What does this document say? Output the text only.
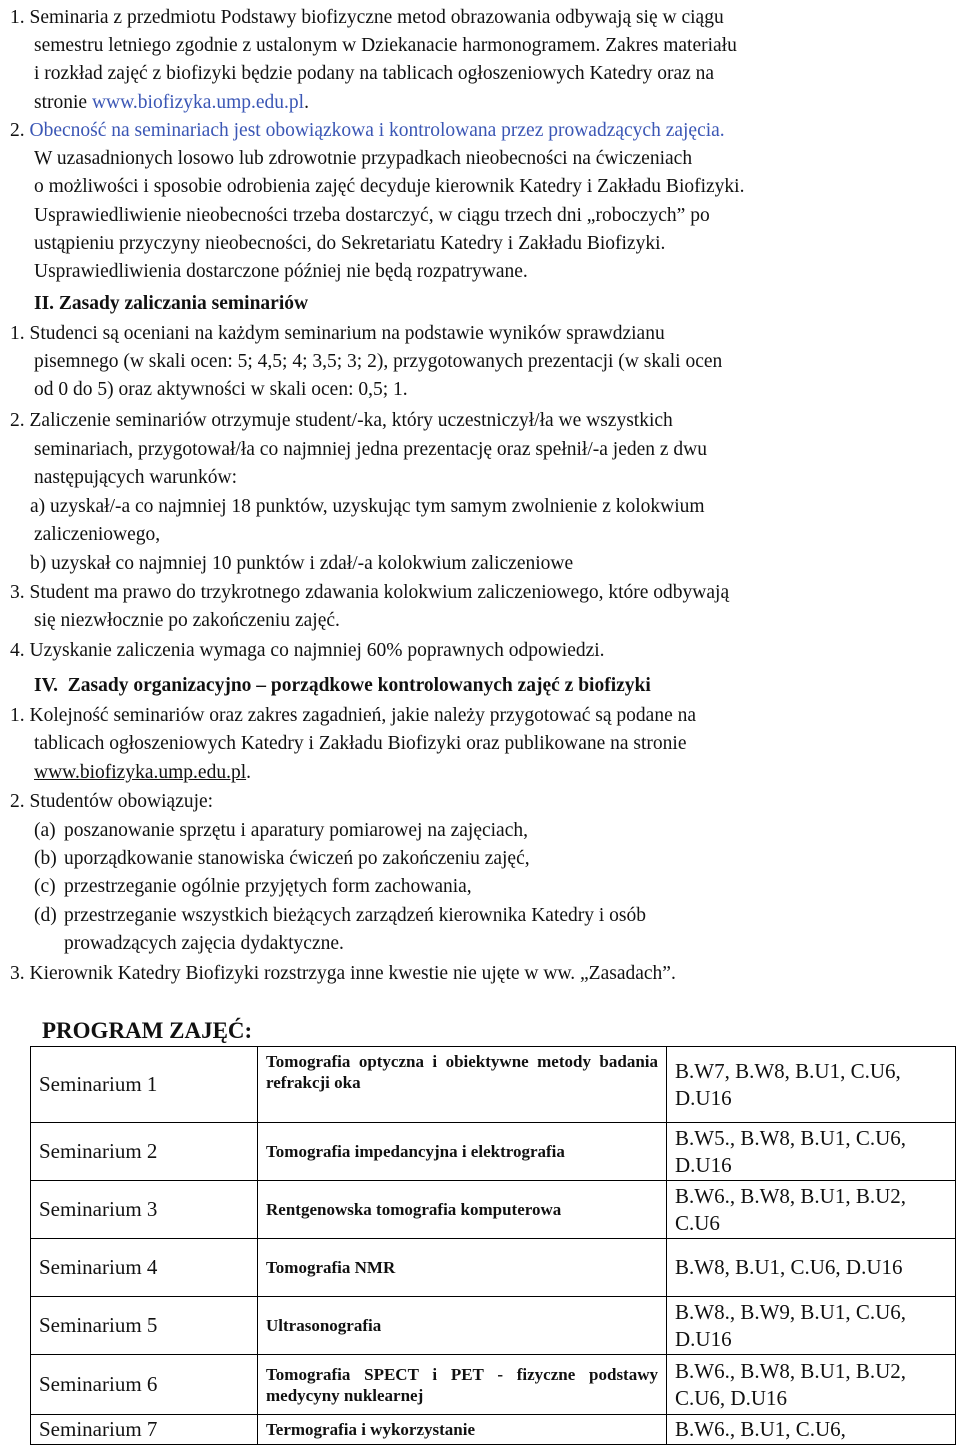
1. Seminaria z przedmiotu Podstawy biofizyczne metod obrazowania odbywają się w ciągu
semestru letniego zgodnie z ustalonym w Dziekanacie harmonogramem. Zakres materiału
i rozkład zajęć z biofizyki będzie podany na tablicach ogłoszeniowych Katedry oraz na
stronie www.biofizyka.ump.edu.pl.
2. Obecność na seminariach jest obowiązkowa i kontrolowana przez prowadzących zajęcia.
W uzasadnionych losowo lub zdrowotnie przypadkach nieobecności na ćwiczeniach
o możliwości i sposobie odrobienia zajęć decyduje kierownik Katedry i Zakładu Biofizyki.
Usprawiedliwienie nieobecności trzeba dostarczyć, w ciągu trzech dni „roboczych” po
ustąpieniu przyczyny nieobecności, do Sekretariatu Katedry i Zakładu Biofizyki.
Usprawiedliwienia dostarczone później nie będą rozpatrywane.
II. Zasady zaliczania seminariów
1. Studenci są oceniani na każdym seminarium na podstawie wyników sprawdzianu
pisemnego (w skali ocen: 5; 4,5; 4; 3,5; 3; 2), przygotowanych prezentacji (w skali ocen
od 0 do 5) oraz aktywności w skali ocen: 0,5; 1.
2. Zaliczenie seminariów otrzymuje student/-ka, który uczestniczył/ła we wszystkich
seminariach, przygotował/ła co najmniej jedna prezentację oraz spełnił/-a jeden z dwu
następujących warunków:
a) uzyskał/-a co najmniej 18 punktów, uzyskując tym samym zwolnienie z kolokwium
zaliczeniowego,
b) uzyskał co najmniej 10 punktów i zdał/-a kolokwium zaliczeniowe
3. Student ma prawo do trzykrotnego zdawania kolokwium zaliczeniowego, które odbywają
się niezwłocznie po zakończeniu zajęć.
4. Uzyskanie zaliczenia wymaga co najmniej 60% poprawnych odpowiedzi.
IV. Zasady organizacyjno – porządkowe kontrolowanych zajęć z biofizyki
1. Kolejność seminariów oraz zakres zagadnień, jakie należy przygotować są podane na
tablicach ogłoszeniowych Katedry i Zakładu Biofizyki oraz publikowane na stronie
www.biofizyka.ump.edu.pl.
2. Studentów obowiązuje:
(a) poszanowanie sprzętu i aparatury pomiarowej na zajęciach,
(b) uporządkowanie stanowiska ćwiczeń po zakończeniu zajęć,
(c) przestrzeganie ogólnie przyjętych form zachowania,
(d) przestrzeganie wszystkich bieżących zarządzeń kierownika Katedry i osób
prowadzących zajęcia dydaktyczne.
3. Kierownik Katedry Biofizyki rozstrzyga inne kwestie nie ujęte w ww. „Zasadach”.
PROGRAM ZAJĘĆ:
Seminarium 1	Tomografia optyczna i obiektywne metody badania refrakcji oka	B.W7, B.W8, B.U1, C.U6, D.U16
Seminarium 2	Tomografia impedancyjna i elektrografia	B.W5., B.W8, B.U1, C.U6, D.U16
Seminarium 3	Rentgenowska tomografia komputerowa	B.W6., B.W8, B.U1, B.U2, C.U6
Seminarium 4	Tomografia NMR	B.W8, B.U1, C.U6, D.U16
Seminarium 5	Ultrasonografia	B.W8., B.W9, B.U1, C.U6, D.U16
Seminarium 6	Tomografia SPECT i PET - fizyczne podstawy medycyny nuklearnej	B.W6., B.W8, B.U1, B.U2, C.U6, D.U16
Seminarium 7	Termografia i wykorzystanie	B.W6., B.U1, C.U6,
